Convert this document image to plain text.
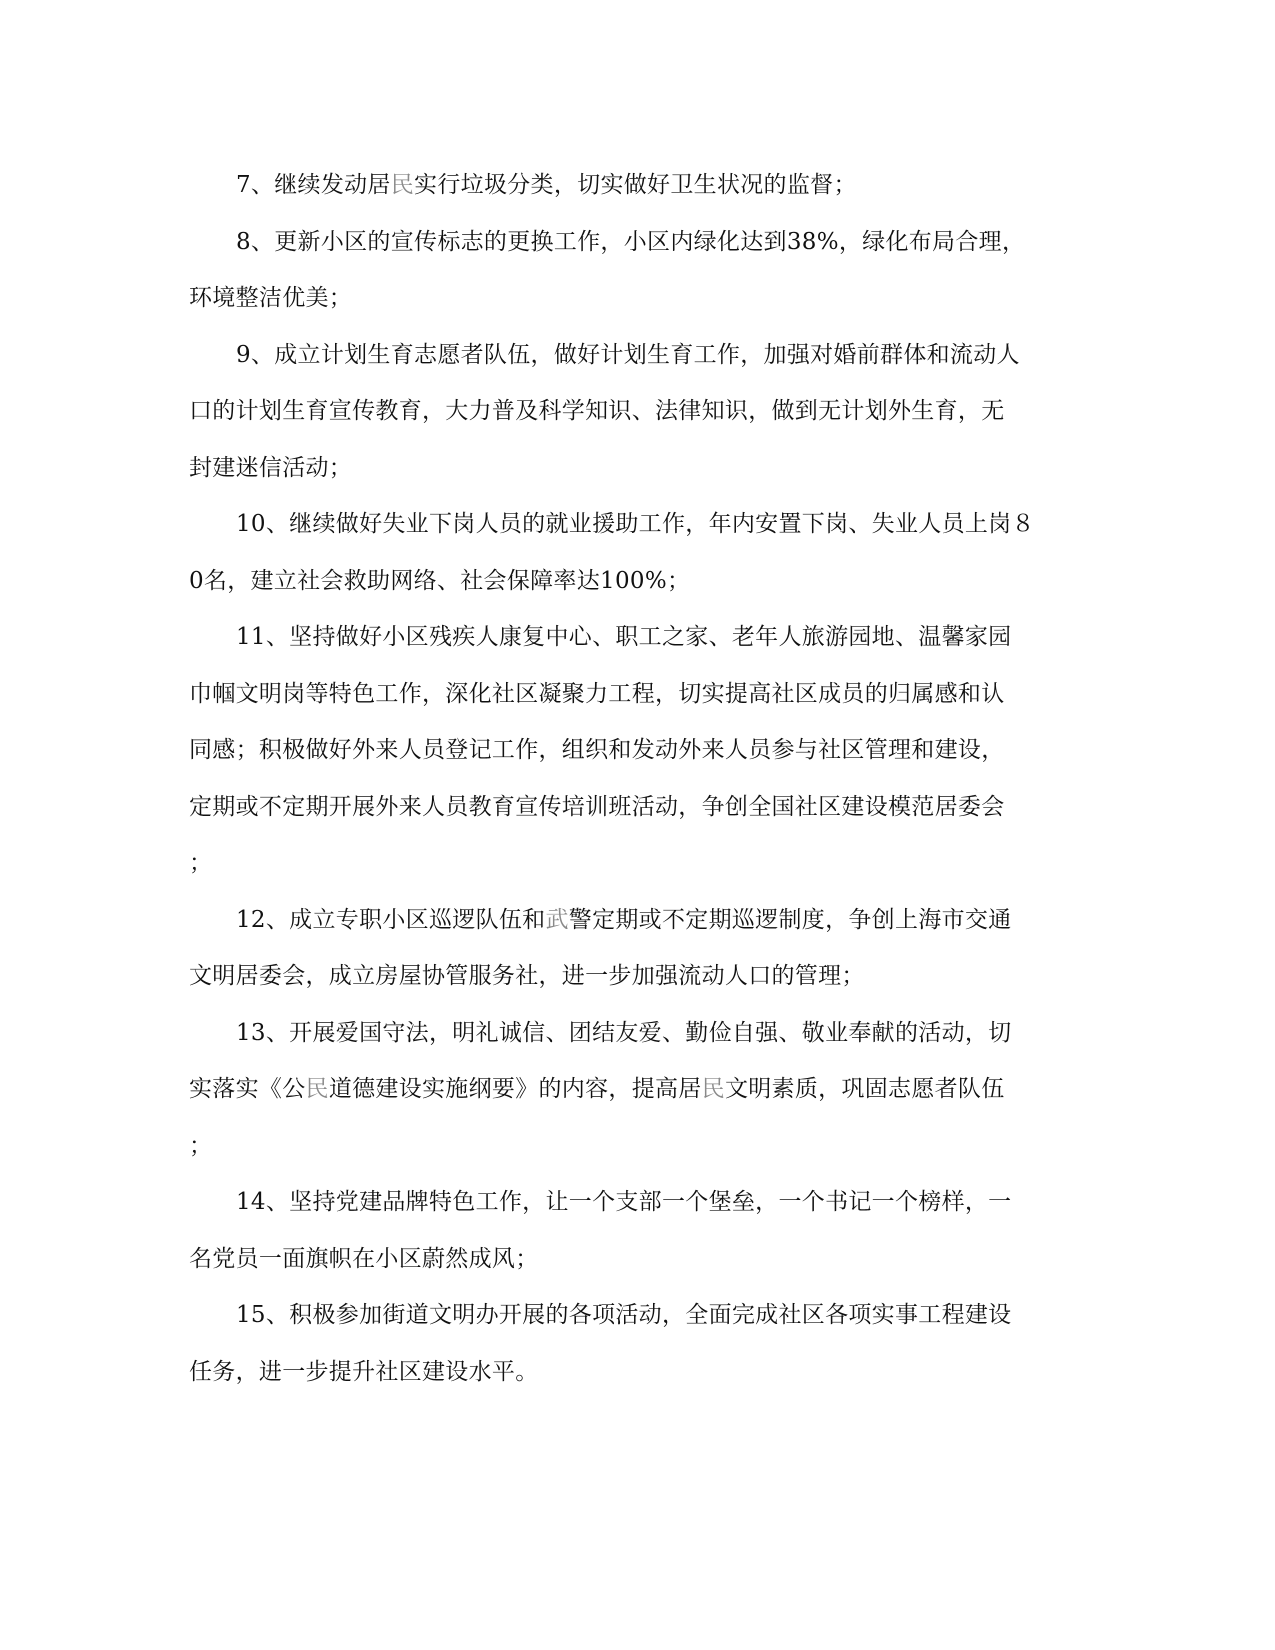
7、继续发动居民实行垃圾分类，切实做好卫生状况的监督；
8、更新小区的宣传标志的更换工作，小区内绿化达到38%，绿化布局合理，
环境整洁优美；
9、成立计划生育志愿者队伍，做好计划生育工作，加强对婚前群体和流动人
口的计划生育宣传教育，大力普及科学知识、法律知识，做到无计划外生育，无
封建迷信活动；
10、继续做好失业下岗人员的就业援助工作，年内安置下岗、失业人员上岗８
0名，建立社会救助网络、社会保障率达100%；
11、坚持做好小区残疾人康复中心、职工之家、老年人旅游园地、温馨家园
巾帼文明岗等特色工作，深化社区凝聚力工程，切实提高社区成员的归属感和认
同感；积极做好外来人员登记工作，组织和发动外来人员参与社区管理和建设，
定期或不定期开展外来人员教育宣传培训班活动，争创全国社区建设模范居委会
；
12、成立专职小区巡逻队伍和武警定期或不定期巡逻制度，争创上海市交通
文明居委会，成立房屋协管服务社，进一步加强流动人口的管理；
13、开展爱国守法，明礼诚信、团结友爱、勤俭自强、敬业奉献的活动，切
实落实《公民道德建设实施纲要》的内容，提高居民文明素质，巩固志愿者队伍
；
14、坚持党建品牌特色工作，让一个支部一个堡垒，一个书记一个榜样，一
名党员一面旗帜在小区蔚然成风；
15、积极参加街道文明办开展的各项活动，全面完成社区各项实事工程建设
任务，进一步提升社区建设水平。
